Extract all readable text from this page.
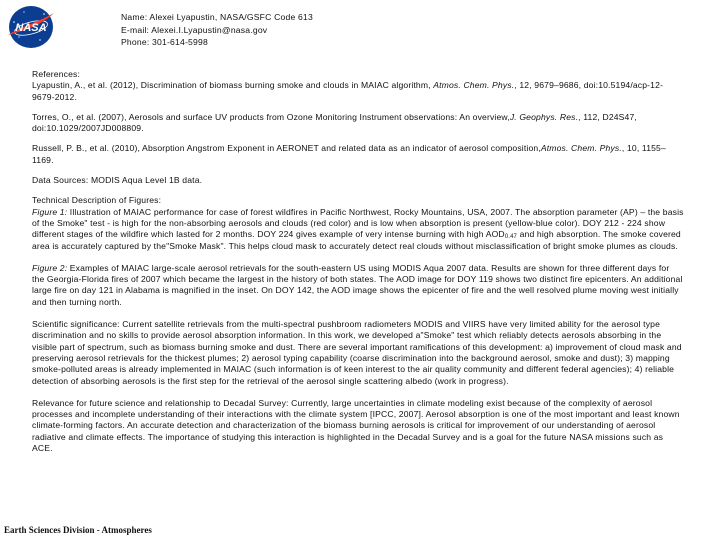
NASA
Name: Alexei Lyapustin, NASA/GSFC Code 613
E-mail: Alexei.I.Lyapustin@nasa.gov
Phone: 301-614-5998

References:

Lyapustin, A., et al. (2012), Discrimination of biomass burning smoke and clouds in MAIAC algorithm, Atmos. Chem. Phys., 12, 9679–9686, doi:10.5194/acp-12-9679-2012.

Torres, O., et al. (2007), Aerosols and surface UV products from Ozone Monitoring Instrument observations: An overview,J. Geophys. Res., 112, D24S47, doi:10.1029/2007JD008809.

Russell, P. B., et al. (2010), Absorption Angstrom Exponent in AERONET and related data as an indicator of aerosol composition,Atmos. Chem. Phys., 10, 1155–1169.

Data Sources: MODIS Aqua Level 1B data.

Technical Description of Figures:

Figure 1: Illustration of MAIAC performance for case of forest wildfires in Pacific Northwest, Rocky Mountains, USA, 2007. The absorption parameter (AP) – the basis of the Smoke" test - is high for the non-absorbing aerosols and clouds (red color) and is low when absorption is present (yellow-blue color). DOY 212 - 224 show different stages of the wildfire which lasted for 2 months. DOY 224 gives example of very intense burning with high $AOD_{0.47}$ and high absorption. The smoke covered area is accurately captured by the"Smoke Mask". This helps cloud mask to accurately detect real clouds without misclassification of bright smoke plumes as clouds.

Figure 2: Examples of MAIAC large-scale aerosol retrievals for the south-eastern US using MODIS Aqua 2007 data. Results are shown for three different days for the Georgia-Florida fires of 2007 which became the largest in the history of both states. The AOD image for DOY 119 shows two distinct fire epicenters. An additional large fire on day 121 in Alabama is magnified in the inset. On DOY 142, the AOD image shows the epicenter of fire and the well resolved plume moving west initially and then turning north.

Scientific significance: Current satellite retrievals from the multi-spectral pushbroom radiometers MODIS and VIIRS have very limited ability for the aerosol type discrimination and no skills to provide aerosol absorption information. In this work, we developed a"Smoke" test which reliably detects aerosols absorbing in the visible part of spectrum, such as biomass burning smoke and dust. There are several important ramifications of this development: a) improvement of cloud mask and preserving aerosol retrievals for the thickest plumes; 2) aerosol typing capability (coarse discrimination into the background aerosol, smoke and dust); 3) mapping smoke-polluted areas is already implemented in MAIAC (such information is of keen interest to the air quality community and different federal agencies); 4) reliable detection of absorbing aerosols is the first step for the retrieval of the aerosol single scattering albedo (work in progress).

Relevance for future science and relationship to Decadal Survey: Currently, large uncertainties in climate modeling exist because of the complexity of aerosol processes and incomplete understanding of their interactions with the climate system [IPCC, 2007]. Aerosol absorption is one of the most important and least known climate-forming factors. An accurate detection and characterization of the biomass burning aerosols is critical for improvement of our understanding of aerosol radiative and climate effects. The importance of studying this interaction is highlighted in the Decadal Survey and is a goal for the future NASA missions such as ACE.

Earth Sciences Division - Atmospheres
